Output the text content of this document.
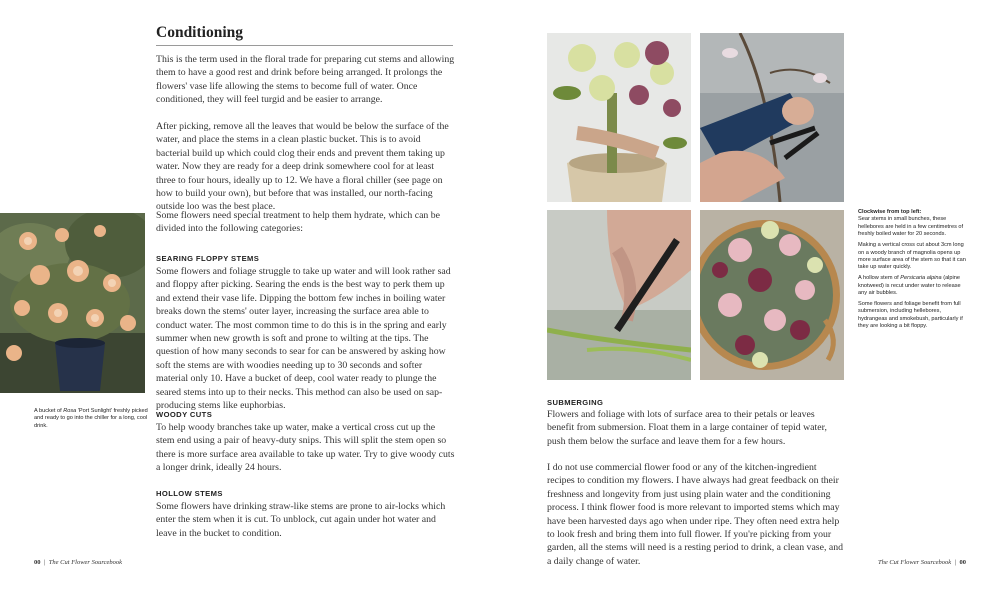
Conditioning

This is the term used in the floral trade for preparing cut stems and allowing them to have a good rest and drink before being arranged. It prolongs the flowers' vase life allowing the stems to become full of water. Once conditioned, they will feel turgid and be easier to arrange.

After picking, remove all the leaves that would be below the surface of the water, and place the stems in a clean plastic bucket. This is to avoid bacterial build up which could clog their ends and prevent them taking up water. Now they are ready for a deep drink somewhere cool for at least three to four hours, ideally up to 12. We have a floral chiller (see page on how to build your own), but before that was installed, our north-facing outside loo was the best place.

Some flowers need special treatment to help them hydrate, which can be divided into the following categories:

SEARING FLOPPY STEMS

Some flowers and foliage struggle to take up water and will look rather sad and floppy after picking. Searing the ends is the best way to perk them up and extend their vase life. Dipping the bottom few inches in boiling water breaks down the stems' outer layer, increasing the surface area able to conduct water. The most common time to do this is in the spring and early summer when new growth is soft and prone to wilting at the tips. The question of how many seconds to sear for can be answered by asking how soft the stems are with woodies needing up to 30 seconds and softer material only 10. Have a bucket of deep, cool water ready to plunge the seared stems into up to their necks. This method can also be used on sap-producing stems like euphorbias.

WOODY CUTS

To help woody branches take up water, make a vertical cross cut up the stem end using a pair of heavy-duty snips. This will split the stem open so there is more surface area available to take up water. Try to give woody cuts a longer drink, ideally 24 hours.

HOLLOW STEMS

Some flowers have drinking straw-like stems are prone to air-locks which enter the stem when it is cut. To unblock, cut again under hot water and leave in the bucket to condition.

A bucket of Rosa 'Port Sunlight' freshly picked and ready to go into the chiller for a long, cool drink.
00  |  The Cut Flower Sourcebook

Clockwise from top left:
Sear stems in small bunches, these hellebores are held in a few centimetres of freshly boiled water for 20 seconds.

Making a vertical cross cut about 3cm long on a woody branch of magnolia opens up more surface area of the stem so that it can take up water quickly.

A hollow stem of Persicaria alpina (alpine knotweed) is recut under water to release any air bubbles.

Some flowers and foliage benefit from full submersion, including hellebores, hydrangeas and smokebush, particularly if they are looking a bit floppy.

SUBMERGING

Flowers and foliage with lots of surface area to their petals or leaves benefit from submersion. Float them in a large container of tepid water, push them below the surface and leave them for a few hours.

I do not use commercial flower food or any of the kitchen-ingredient recipes to condition my flowers. I have always had great feedback on their freshness and longevity from just using plain water and the conditioning process. I think flower food is more relevant to imported stems which may have been harvested days ago when under ripe. They often need extra help to look fresh and bring them into full flower. If you're picking from your garden, all the stems will need is a resting period to drink, a clean vase, and a daily change of water.	The Cut Flower Sourcebook  |  00
